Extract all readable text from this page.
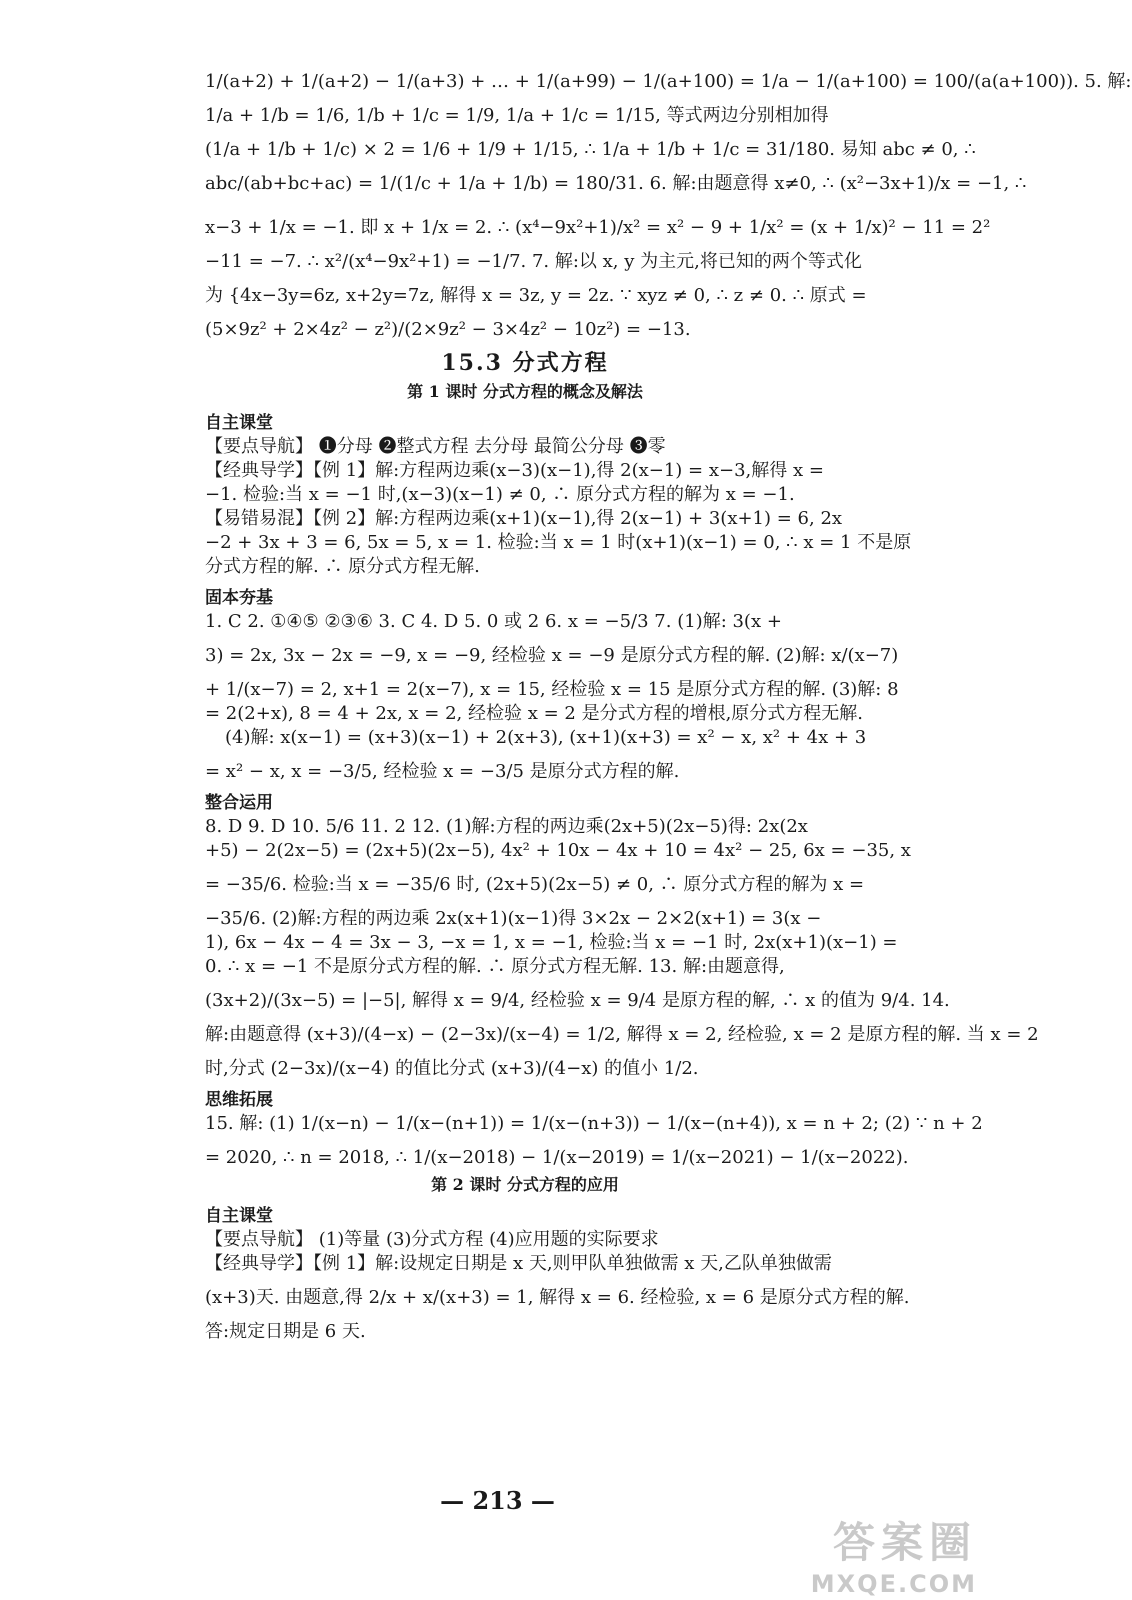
1/(a+2) + 1/(a+2) − 1/(a+3) + … + 1/(a+99) − 1/(a+100) = 1/a − 1/(a+100) = 100/(a(a+100)). 5. 解:

1/a + 1/b = 1/6, 1/b + 1/c = 1/9, 1/a + 1/c = 1/15, 等式两边分别相加得

(1/a + 1/b + 1/c) × 2 = 1/6 + 1/9 + 1/15, ∴ 1/a + 1/b + 1/c = 31/180. 易知 abc ≠ 0, ∴

abc/(ab+bc+ac) = 1/(1/c + 1/a + 1/b) = 180/31. 6. 解:由题意得 x≠0, ∴ (x²−3x+1)/x = −1, ∴

x−3 + 1/x = −1. 即 x + 1/x = 2. ∴ (x⁴−9x²+1)/x² = x² − 9 + 1/x² = (x + 1/x)² − 11 = 2²

−11 = −7. ∴ x²/(x⁴−9x²+1) = −1/7. 7. 解:以 x, y 为主元,将已知的两个等式化

为 {4x−3y=6z, x+2y=7z, 解得 x = 3z, y = 2z. ∵ xyz ≠ 0, ∴ z ≠ 0. ∴ 原式 =

(5×9z² + 2×4z² − z²)/(2×9z² − 3×4z² − 10z²) = −13.

15.3 分式方程
第 1 课时 分式方程的概念及解法
自主课堂

【要点导航】 ❶分母 ❷整式方程 去分母 最简公分母 ❸零

【经典导学】【例 1】解:方程两边乘(x−3)(x−1),得 2(x−1) = x−3,解得 x =

−1. 检验:当 x = −1 时,(x−3)(x−1) ≠ 0, ∴ 原分式方程的解为 x = −1.

【易错易混】【例 2】解:方程两边乘(x+1)(x−1),得 2(x−1) + 3(x+1) = 6, 2x

−2 + 3x + 3 = 6, 5x = 5, x = 1. 检验:当 x = 1 时(x+1)(x−1) = 0, ∴ x = 1 不是原

分式方程的解. ∴ 原分式方程无解.

固本夯基

1. C 2. ①④⑤ ②③⑥ 3. C 4. D 5. 0 或 2 6. x = −5/3 7. (1)解: 3(x +

3) = 2x, 3x − 2x = −9, x = −9, 经检验 x = −9 是原分式方程的解. (2)解: x/(x−7)

+ 1/(x−7) = 2, x+1 = 2(x−7), x = 15, 经检验 x = 15 是原分式方程的解. (3)解: 8

= 2(2+x), 8 = 4 + 2x, x = 2, 经检验 x = 2 是分式方程的增根,原分式方程无解.

(4)解: x(x−1) = (x+3)(x−1) + 2(x+3), (x+1)(x+3) = x² − x, x² + 4x + 3

= x² − x, x = −3/5, 经检验 x = −3/5 是原分式方程的解.

整合运用

8. D 9. D 10. 5/6 11. 2 12. (1)解:方程的两边乘(2x+5)(2x−5)得: 2x(2x

+5) − 2(2x−5) = (2x+5)(2x−5), 4x² + 10x − 4x + 10 = 4x² − 25, 6x = −35, x

= −35/6. 检验:当 x = −35/6 时, (2x+5)(2x−5) ≠ 0, ∴ 原分式方程的解为 x =

−35/6. (2)解:方程的两边乘 2x(x+1)(x−1)得 3×2x − 2×2(x+1) = 3(x −

1), 6x − 4x − 4 = 3x − 3, −x = 1, x = −1, 检验:当 x = −1 时, 2x(x+1)(x−1) =

0. ∴ x = −1 不是原分式方程的解. ∴ 原分式方程无解. 13. 解:由题意得,

(3x+2)/(3x−5) = |−5|, 解得 x = 9/4, 经检验 x = 9/4 是原方程的解, ∴ x 的值为 9/4. 14.

解:由题意得 (x+3)/(4−x) − (2−3x)/(x−4) = 1/2, 解得 x = 2, 经检验, x = 2 是原方程的解. 当 x = 2

时,分式 (2−3x)/(x−4) 的值比分式 (x+3)/(4−x) 的值小 1/2.

思维拓展

15. 解: (1) 1/(x−n) − 1/(x−(n+1)) = 1/(x−(n+3)) − 1/(x−(n+4)), x = n + 2; (2) ∵ n + 2

= 2020, ∴ n = 2018, ∴ 1/(x−2018) − 1/(x−2019) = 1/(x−2021) − 1/(x−2022).

第 2 课时 分式方程的应用
自主课堂

【要点导航】 (1)等量 (3)分式方程 (4)应用题的实际要求

【经典导学】【例 1】解:设规定日期是 x 天,则甲队单独做需 x 天,乙队单独做需

(x+3)天. 由题意,得 2/x + x/(x+3) = 1, 解得 x = 6. 经检验, x = 6 是原分式方程的解.

答:规定日期是 6 天.

— 213 —
答案圈
MXQE.COM
